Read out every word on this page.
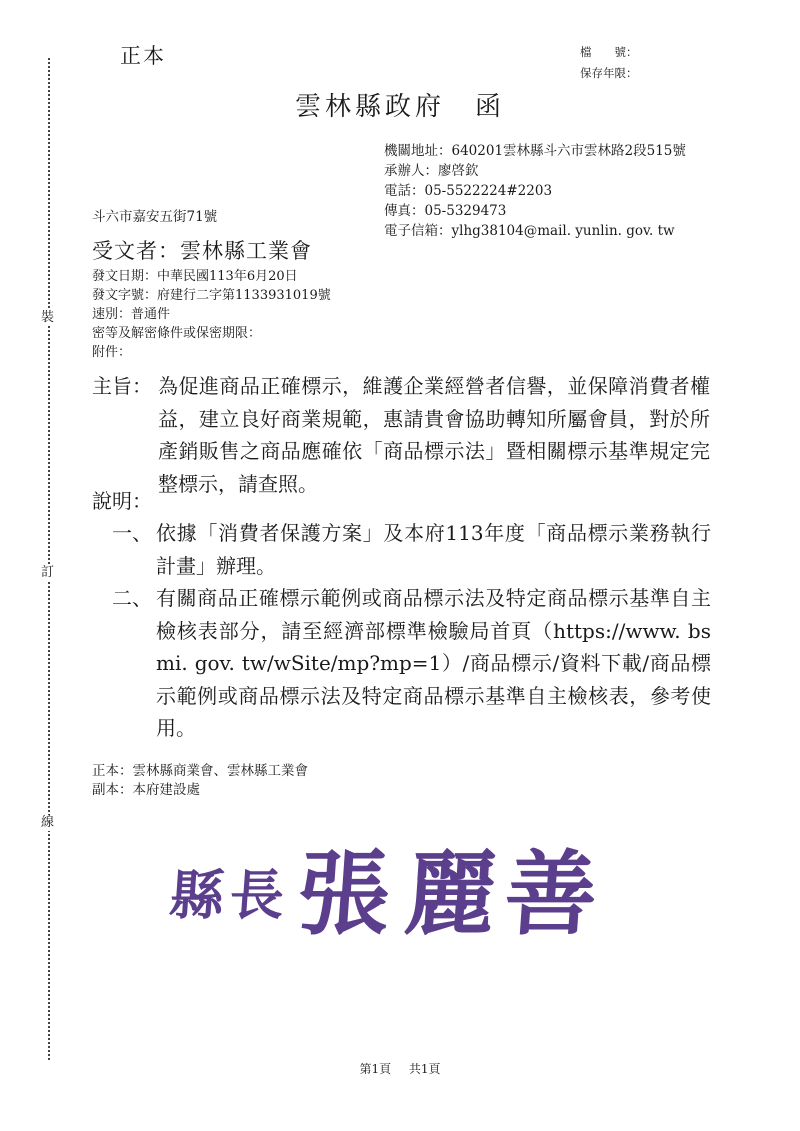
裝
訂
線
正本	檔　　號：
保存年限：
雲林縣政府　函
機關地址：640201雲林縣斗六市雲林路2段515號
承辦人：廖啓欽
電話：05-5522224#2203
傳真：05-5329473
電子信箱：ylhg38104@mail. yunlin. gov. tw
斗六市嘉安五街71號
受文者：雲林縣工業會
發文日期：中華民國113年6月20日
發文字號：府建行二字第1133931019號
速別：普通件
密等及解密條件或保密期限：
附件：
主旨： 為促進商品正確標示，維護企業經營者信譽，並保障消費者權益，建立良好商業規範，惠請貴會協助轉知所屬會員，對於所產銷販售之商品應確依「商品標示法」暨相關標示基準規定完整標示，請查照。
說明：
一、 依據「消費者保護方案」及本府113年度「商品標示業務執行計畫」辦理。
二、 有關商品正確標示範例或商品標示法及特定商品標示基準自主檢核表部分，請至經濟部標準檢驗局首頁（https://www. bsmi. gov. tw/wSite/mp?mp=1）/商品標示/資料下載/商品標示範例或商品標示法及特定商品標示基準自主檢核表，參考使用。
正本：雲林縣商業會、雲林縣工業會
副本：本府建設處
縣長 張 麗 善
第1頁 共1頁
